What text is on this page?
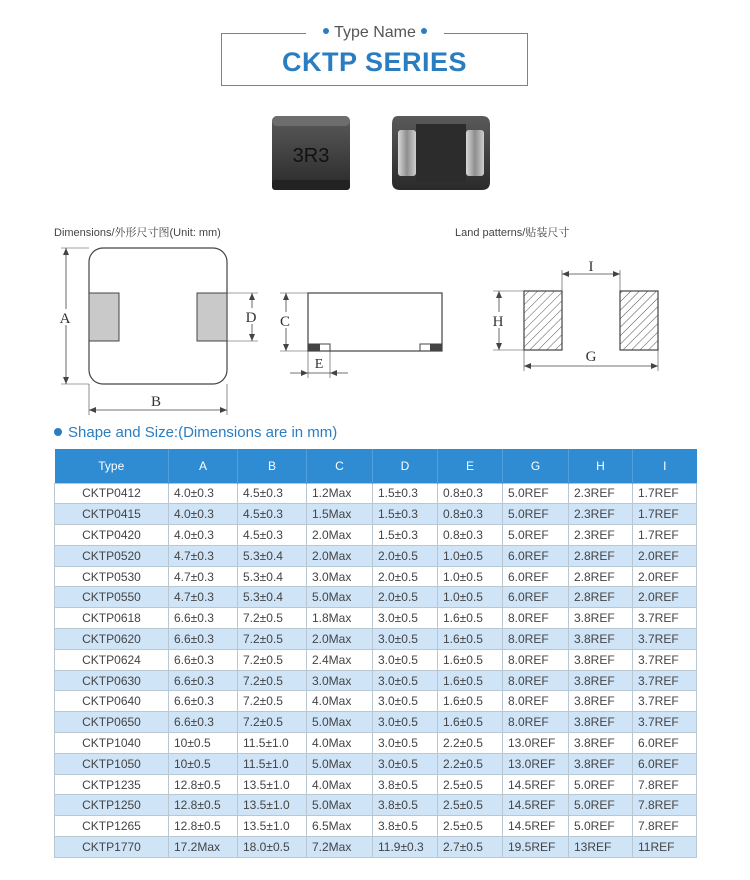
Type Name
CKTP SERIES
3R3
Dimensions/外形尺寸图(Unit: mm)	Land patterns/贴装尺寸
A	D
B
C
E
I
H
G
Shape and Size:(Dimensions are in mm)
Type	A	B	C	D	E	G	H	I
CKTP0412	4.0±0.3	4.5±0.3	1.2Max	1.5±0.3	0.8±0.3	5.0REF	2.3REF	1.7REF
CKTP0415	4.0±0.3	4.5±0.3	1.5Max	1.5±0.3	0.8±0.3	5.0REF	2.3REF	1.7REF
CKTP0420	4.0±0.3	4.5±0.3	2.0Max	1.5±0.3	0.8±0.3	5.0REF	2.3REF	1.7REF
CKTP0520	4.7±0.3	5.3±0.4	2.0Max	2.0±0.5	1.0±0.5	6.0REF	2.8REF	2.0REF
CKTP0530	4.7±0.3	5.3±0.4	3.0Max	2.0±0.5	1.0±0.5	6.0REF	2.8REF	2.0REF
CKTP0550	4.7±0.3	5.3±0.4	5.0Max	2.0±0.5	1.0±0.5	6.0REF	2.8REF	2.0REF
CKTP0618	6.6±0.3	7.2±0.5	1.8Max	3.0±0.5	1.6±0.5	8.0REF	3.8REF	3.7REF
CKTP0620	6.6±0.3	7.2±0.5	2.0Max	3.0±0.5	1.6±0.5	8.0REF	3.8REF	3.7REF
CKTP0624	6.6±0.3	7.2±0.5	2.4Max	3.0±0.5	1.6±0.5	8.0REF	3.8REF	3.7REF
CKTP0630	6.6±0.3	7.2±0.5	3.0Max	3.0±0.5	1.6±0.5	8.0REF	3.8REF	3.7REF
CKTP0640	6.6±0.3	7.2±0.5	4.0Max	3.0±0.5	1.6±0.5	8.0REF	3.8REF	3.7REF
CKTP0650	6.6±0.3	7.2±0.5	5.0Max	3.0±0.5	1.6±0.5	8.0REF	3.8REF	3.7REF
CKTP1040	10±0.5	11.5±1.0	4.0Max	3.0±0.5	2.2±0.5	13.0REF	3.8REF	6.0REF
CKTP1050	10±0.5	11.5±1.0	5.0Max	3.0±0.5	2.2±0.5	13.0REF	3.8REF	6.0REF
CKTP1235	12.8±0.5	13.5±1.0	4.0Max	3.8±0.5	2.5±0.5	14.5REF	5.0REF	7.8REF
CKTP1250	12.8±0.5	13.5±1.0	5.0Max	3.8±0.5	2.5±0.5	14.5REF	5.0REF	7.8REF
CKTP1265	12.8±0.5	13.5±1.0	6.5Max	3.8±0.5	2.5±0.5	14.5REF	5.0REF	7.8REF
CKTP1770	17.2Max	18.0±0.5	7.2Max	11.9±0.3	2.7±0.5	19.5REF	13REF	11REF
